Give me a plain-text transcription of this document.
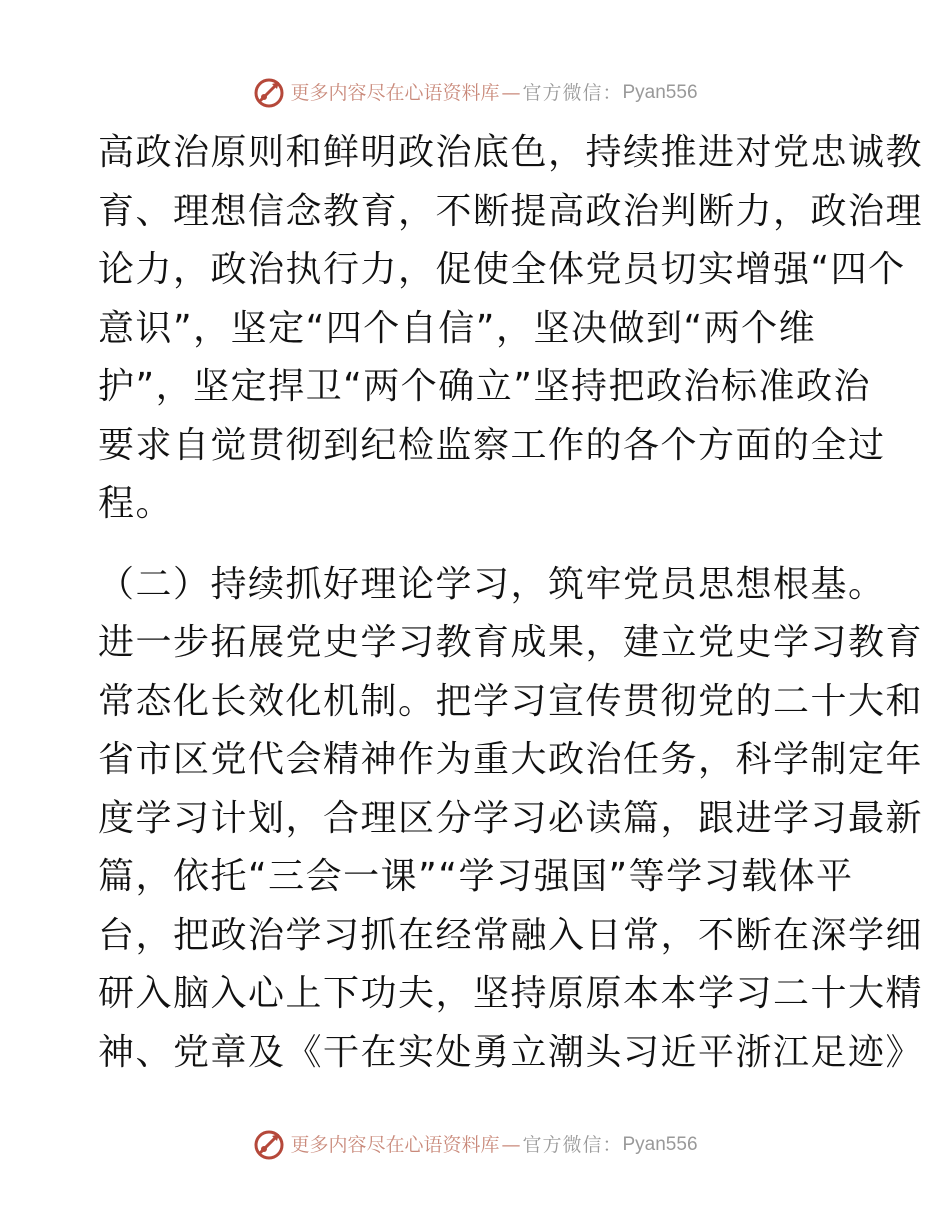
更多内容尽在心语资料库 — 官方微信： Pyan556
高政治原则和鲜明政治底色，持续推进对党忠诚教
育、理想信念教育，不断提高政治判断力，政治理
论力，政治执行力，促使全体党员切实增强“四个
意识”，坚定“四个自信”，坚决做到“两个维
护”，坚定捍卫“两个确立”坚持把政治标准政治
要求自觉贯彻到纪检监察工作的各个方面的全过
程。
（二）持续抓好理论学习，筑牢党员思想根基。
进一步拓展党史学习教育成果，建立党史学习教育
常态化长效化机制。把学习宣传贯彻党的二十大和
省市区党代会精神作为重大政治任务，科学制定年
度学习计划，合理区分学习必读篇，跟进学习最新
篇，依托“三会一课”“学习强国”等学习载体平
台，把政治学习抓在经常融入日常，不断在深学细
研入脑入心上下功夫，坚持原原本本学习二十大精
神、党章及《干在实处勇立潮头习近平浙江足迹》
更多内容尽在心语资料库 — 官方微信： Pyan556
